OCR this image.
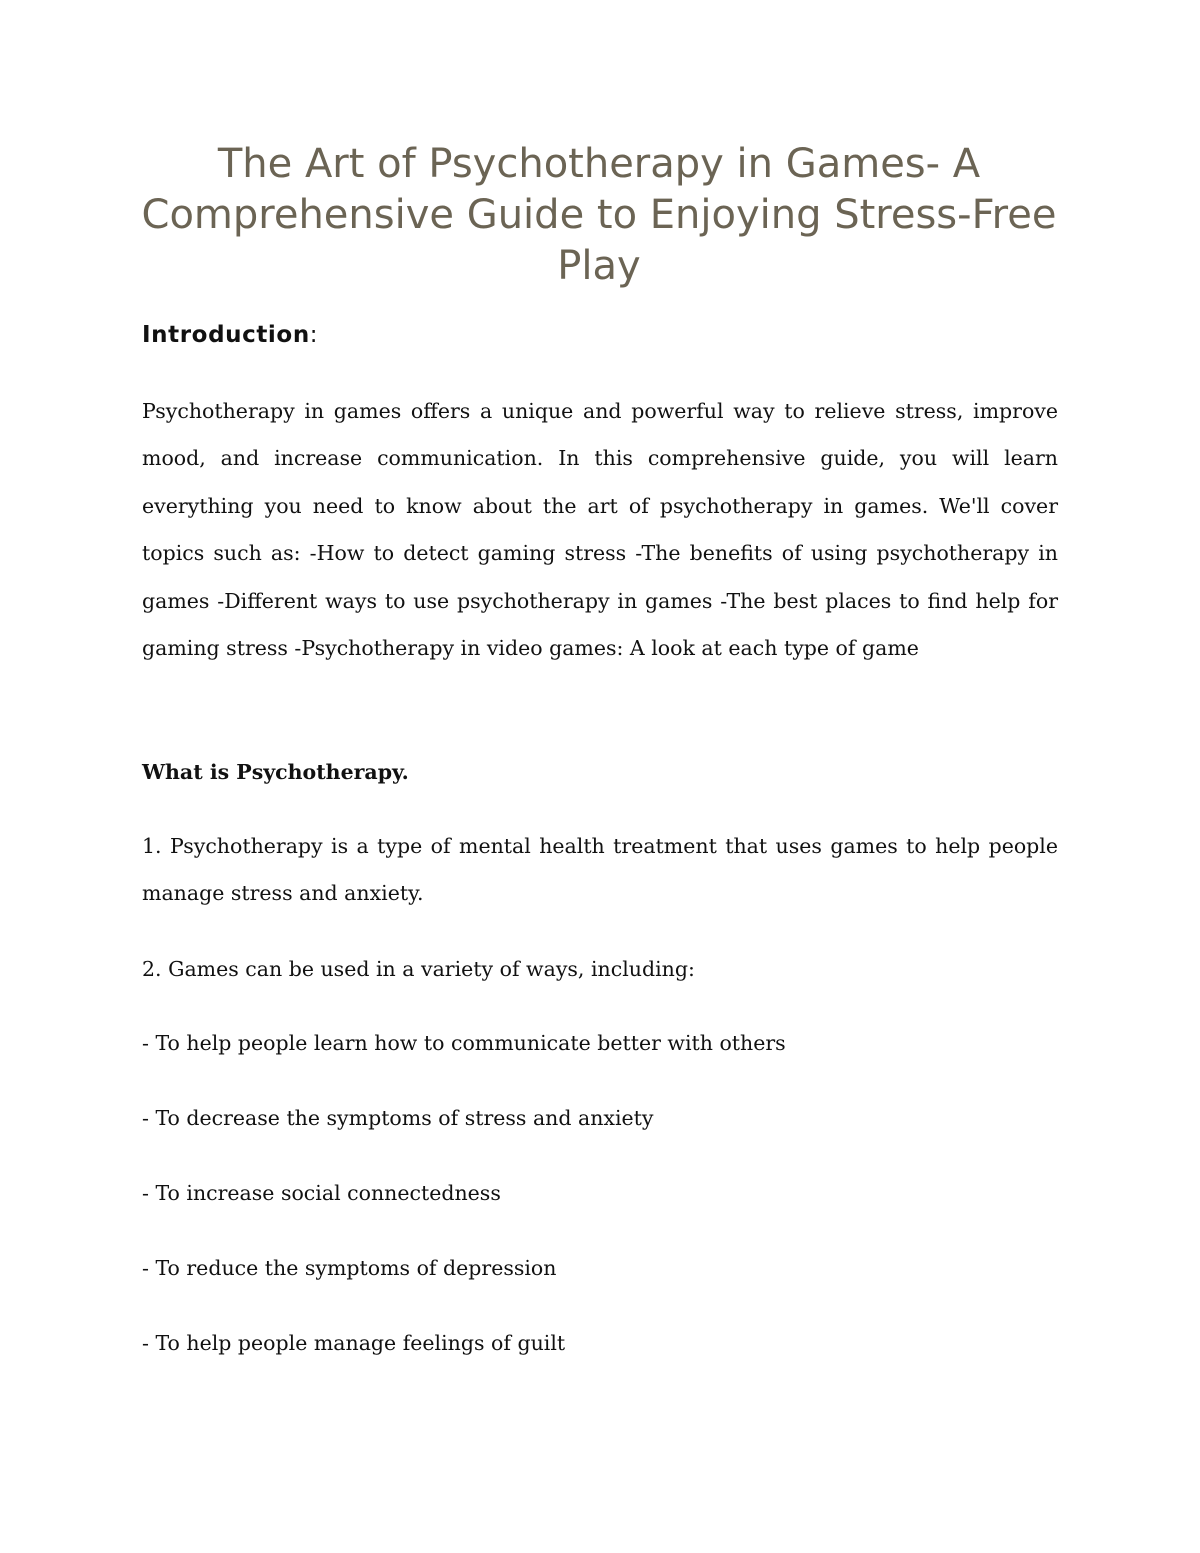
The Art of Psychotherapy in Games- A Comprehensive Guide to Enjoying Stress-Free Play
Introduction:

Psychotherapy in games offers a unique and powerful way to relieve stress, improve mood, and increase communication. In this comprehensive guide, you will learn everything you need to know about the art of psychotherapy in games. We'll cover topics such as: -How to detect gaming stress -The benefits of using psychotherapy in games -Different ways to use psychotherapy in games -The best places to find help for gaming stress -Psychotherapy in video games: A look at each type of game

What is Psychotherapy.

1. Psychotherapy is a type of mental health treatment that uses games to help people manage stress and anxiety.

2. Games can be used in a variety of ways, including:

- To help people learn how to communicate better with others

- To decrease the symptoms of stress and anxiety

- To increase social connectedness

- To reduce the symptoms of depression

- To help people manage feelings of guilt
